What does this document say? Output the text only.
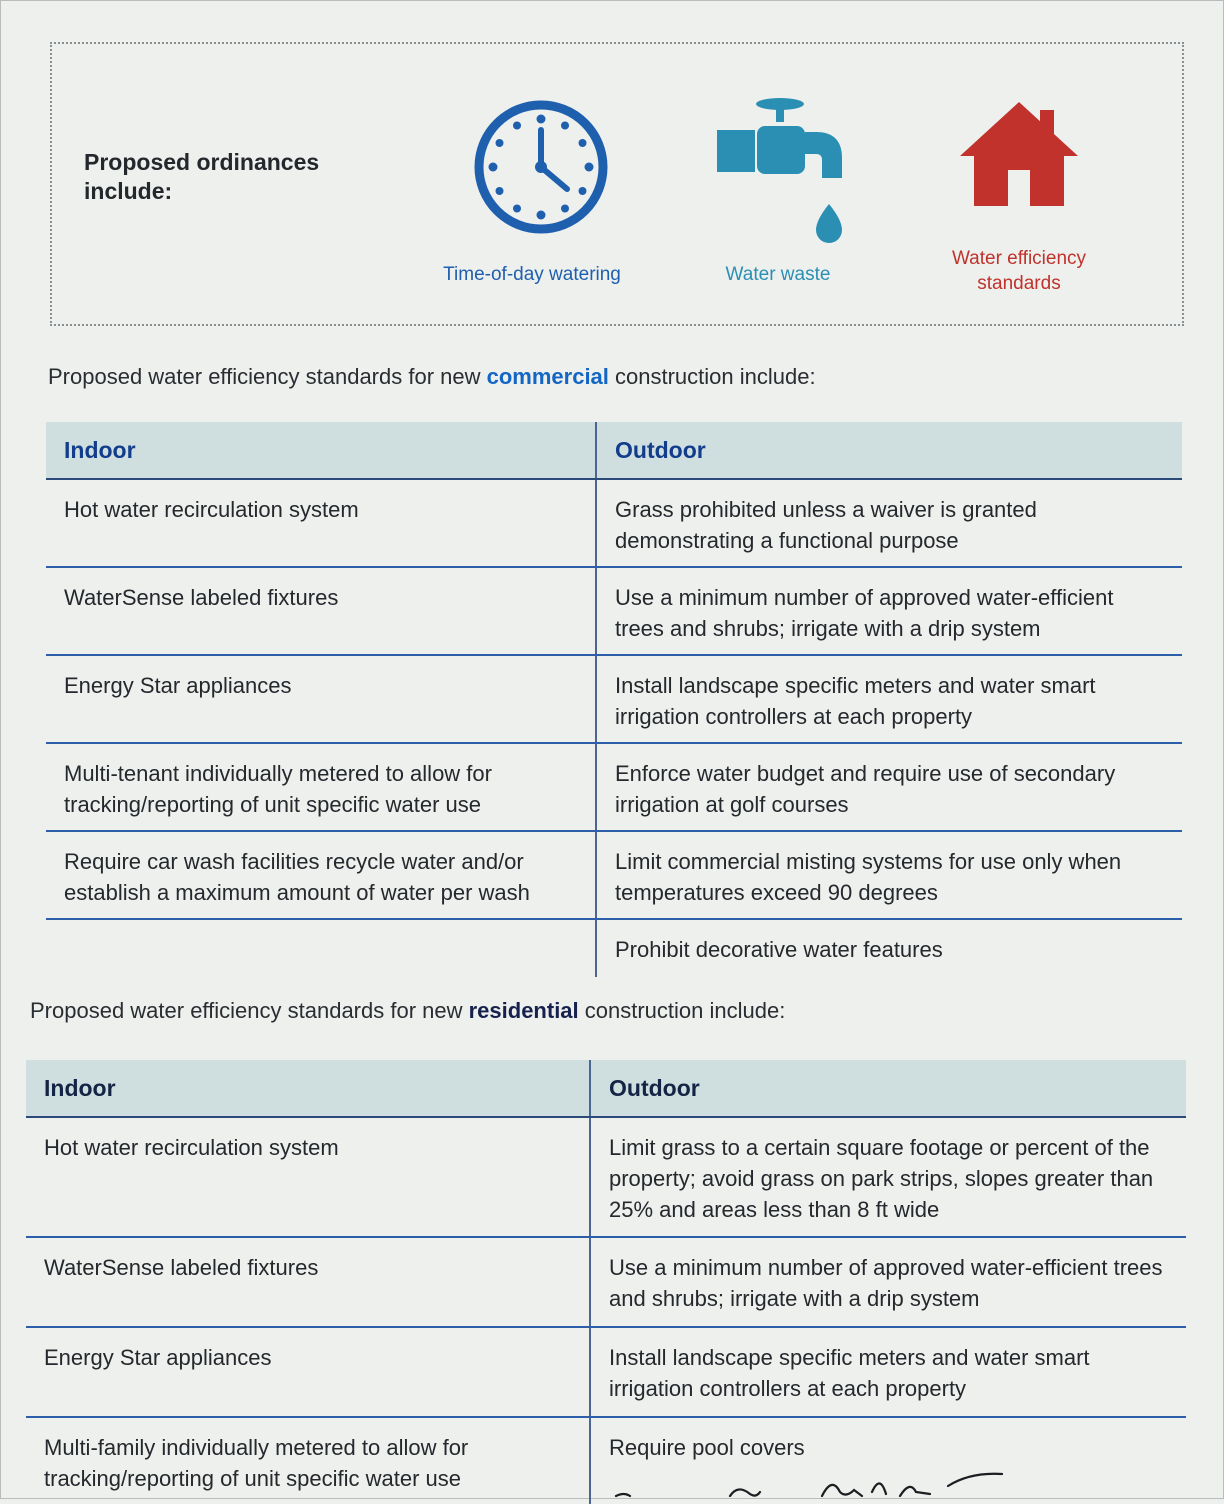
Proposed ordinances include:
Time-of-day watering	Water waste
Water efficiency standards
Proposed water efficiency standards for new commercial construction include:
Indoor	Outdoor
Hot water recirculation system	Grass prohibited unless a waiver is granted demonstrating a functional purpose
WaterSense labeled fixtures	Use a minimum number of approved water-efficient trees and shrubs; irrigate with a drip system
Energy Star appliances	Install landscape specific meters and water smart irrigation controllers at each property
Multi-tenant individually metered to allow for tracking/reporting of unit specific water use	Enforce water budget and require use of secondary irrigation at golf courses
Require car wash facilities recycle water and/or establish a maximum amount of water per wash	Limit commercial misting systems for use only when temperatures exceed 90 degrees
	Prohibit decorative water features
Proposed water efficiency standards for new residential construction include:
Indoor	Outdoor
Hot water recirculation system	Limit grass to a certain square footage or percent of the property; avoid grass on park strips, slopes greater than 25% and areas less than 8 ft wide
WaterSense labeled fixtures	Use a minimum number of approved water-efficient trees and shrubs; irrigate with a drip system
Energy Star appliances	Install landscape specific meters and water smart irrigation controllers at each property
Multi-family individually metered to allow for tracking/reporting of unit specific water use	Require pool covers
